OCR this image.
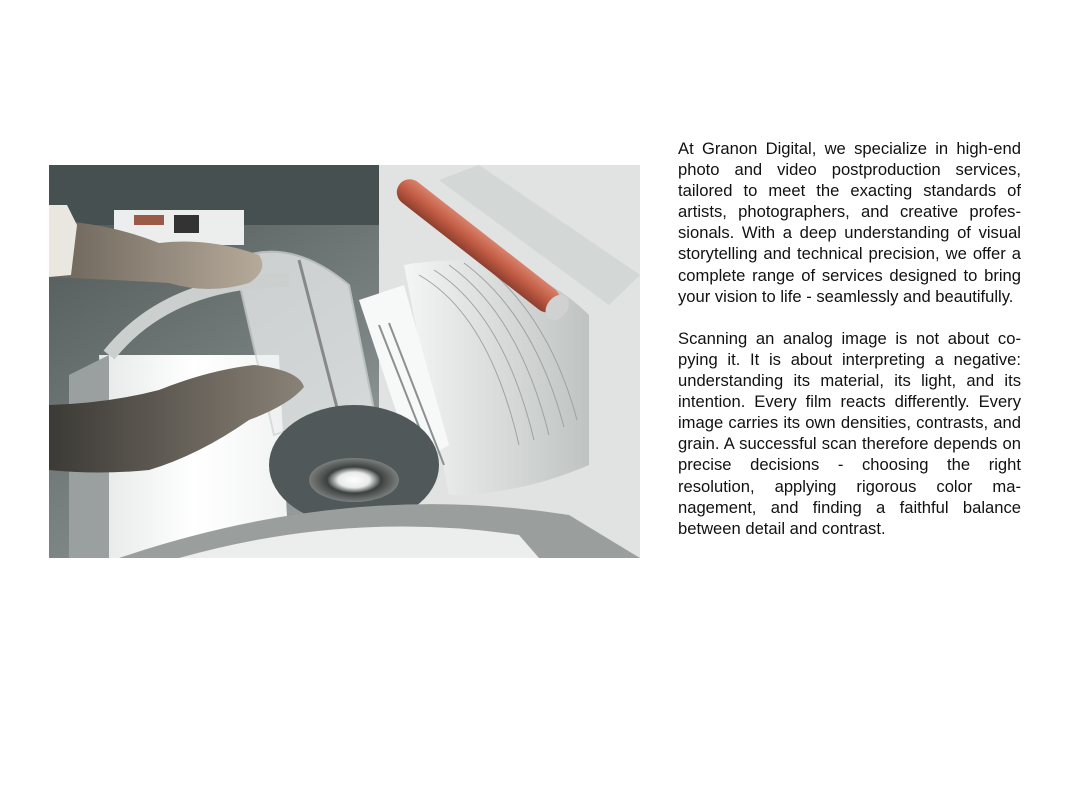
At Granon Digital, we specialize in high-end photo and video postproduction services, tailored to meet the exacting standards of artists, photographers, and creative professionals. With a deep understanding of visual storytelling and technical precision, we offer a complete range of services designed to bring your vision to life - seamlessly and beautifully.

Scanning an analog image is not about copying it. It is about interpreting a negative: understanding its material, its light, and its intention. Every film reacts differently. Every image carries its own densities, contrasts, and grain. A successful scan therefore depends on precise decisions - choosing the right resolution, applying rigorous color management, and finding a faithful balance between detail and contrast.
